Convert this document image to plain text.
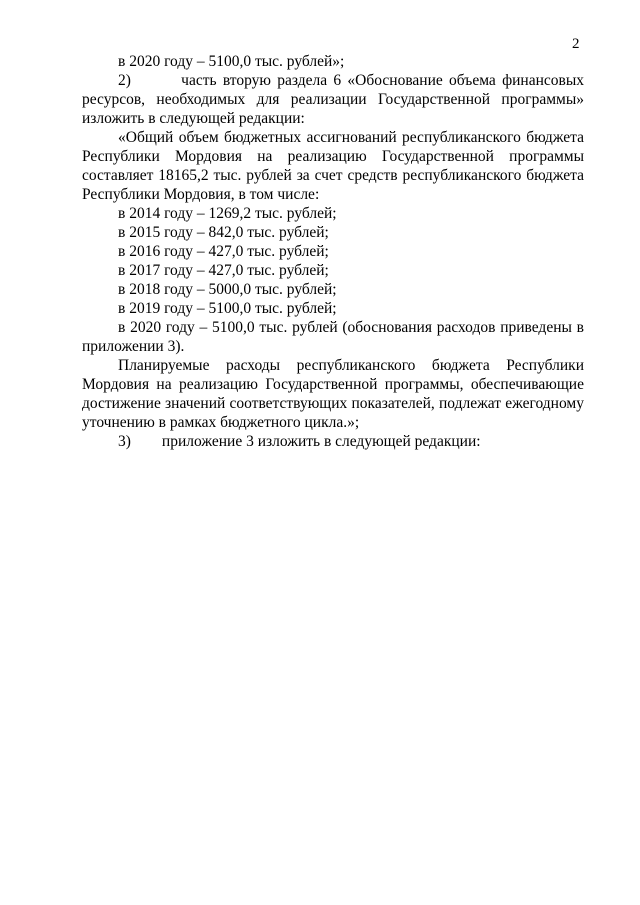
2

в 2020 году – 5100,0 тыс. рублей»;

2)	часть вторую раздела 6 «Обоснование объема финансовых ресурсов, необходимых для реализации Государственной программы» изложить в следующей редакции:

«Общий объем бюджетных ассигнований республиканского бюджета Республики Мордовия на реализацию Государственной программы составляет 18165,2 тыс. рублей за счет средств республиканского бюджета Республики Мордовия, в том числе:

в 2014 году – 1269,2 тыс. рублей;

в 2015 году – 842,0 тыс. рублей;

в 2016 году – 427,0 тыс. рублей;

в 2017 году – 427,0 тыс. рублей;

в 2018 году – 5000,0 тыс. рублей;

в 2019 году – 5100,0 тыс. рублей;

в 2020 году – 5100,0 тыс. рублей (обоснования расходов приведены в приложении 3).

Планируемые расходы республиканского бюджета Республики Мордовия на реализацию Государственной программы, обеспечивающие достижение значений соответствующих показателей, подлежат ежегодному уточнению в рамках бюджетного цикла.»;

3) приложение 3 изложить в следующей редакции:
